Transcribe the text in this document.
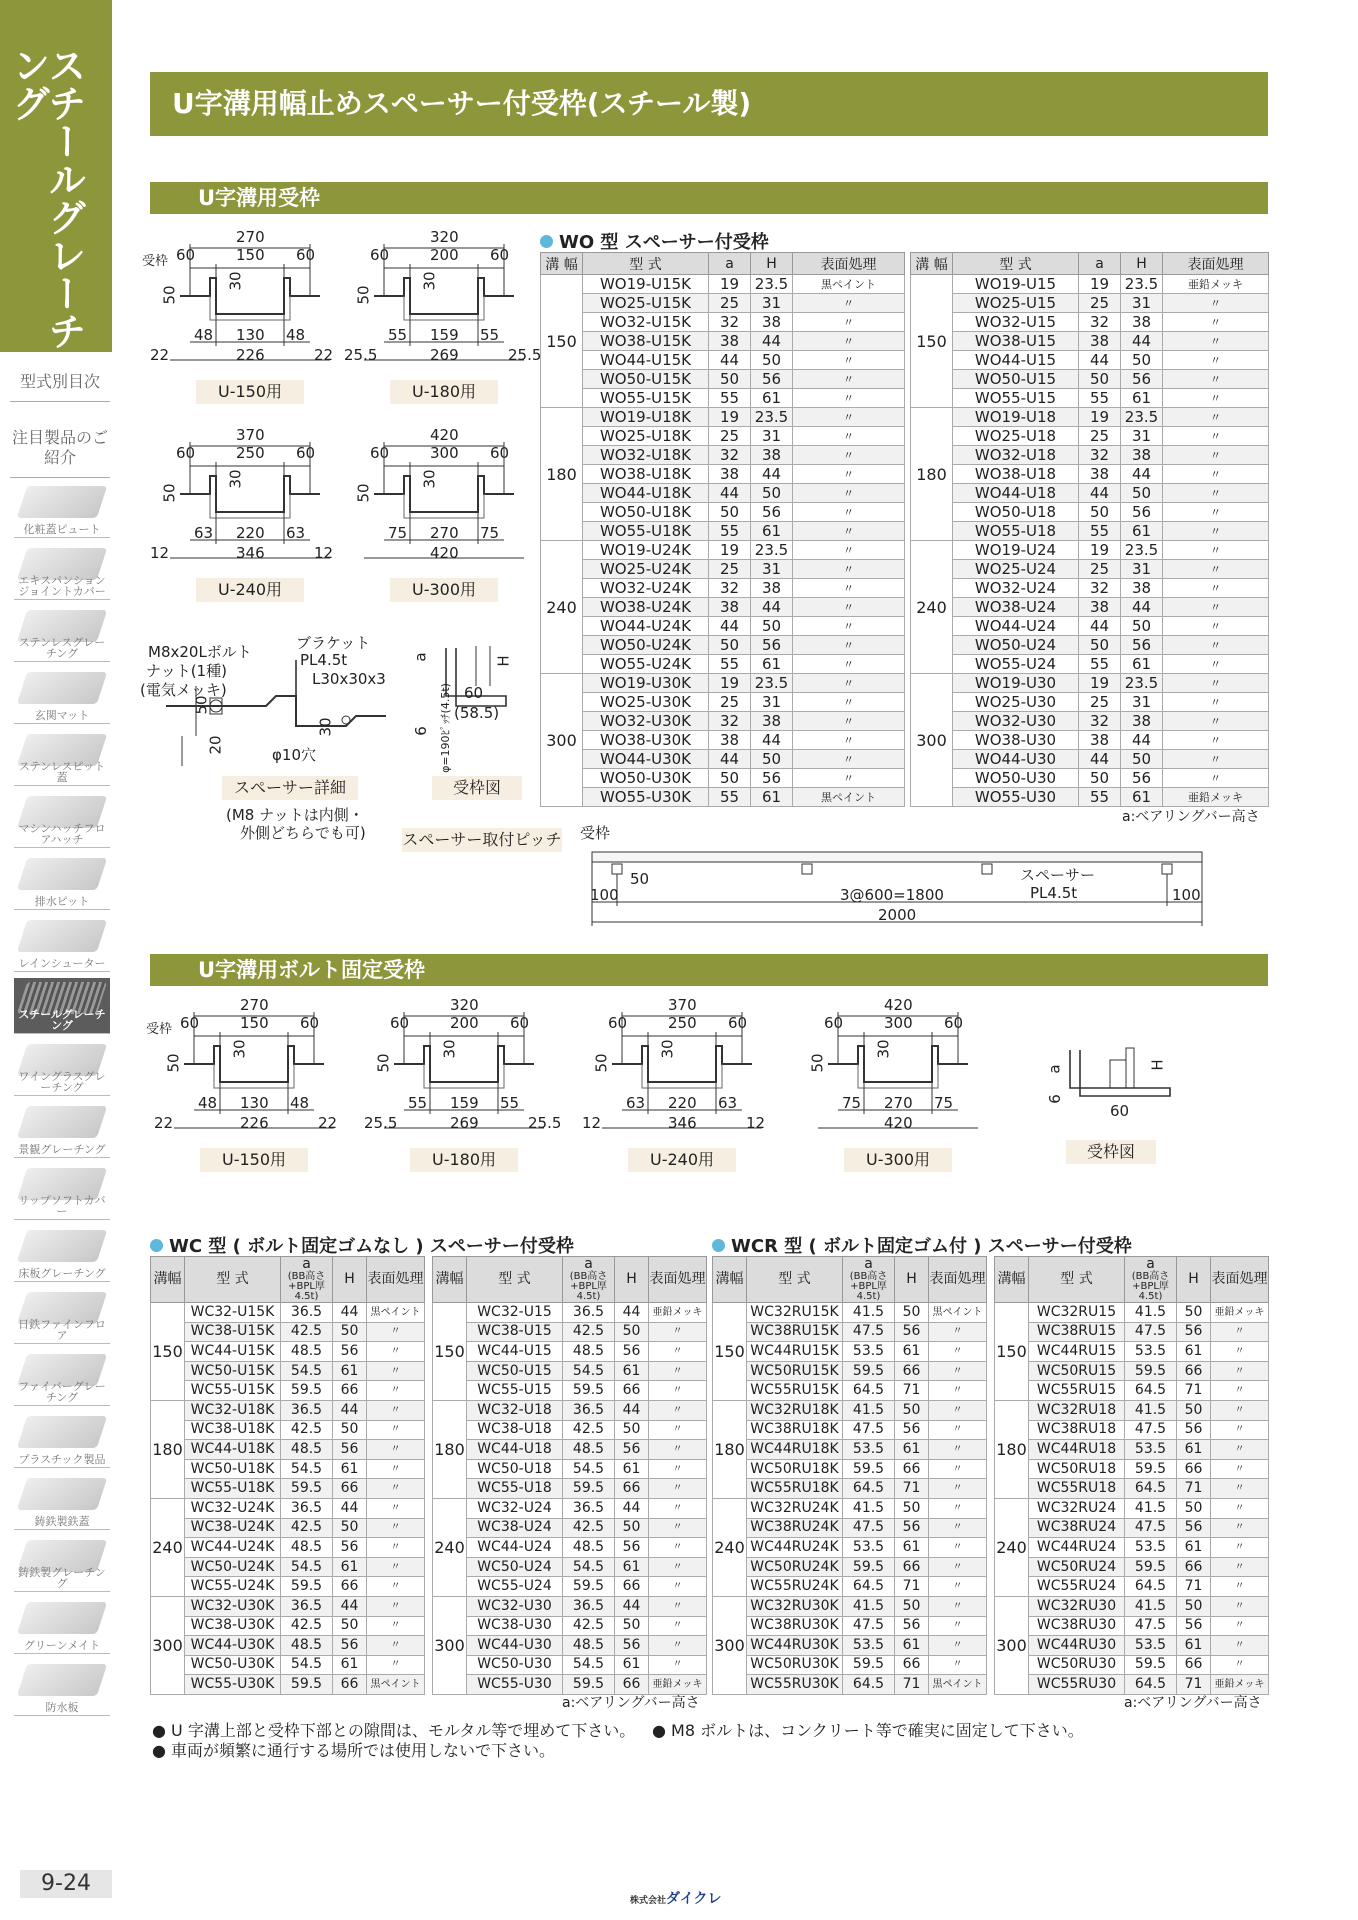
スチールグレーチング
型式別目次
注目製品のご紹介
化粧蓋ピュート
エキスパンションジョイントカバー
ステンレスグレーチング
玄関マット
ステンレスピット蓋
マシンハッチフロアハッチ
排水ピット
レインシューター
スチールグレーチング
ワイングラスグレーチング
景観グレーチング
リップソフトカバー
床板グレーチング
日鉄ファインフロア
ファイバーグレーチング
プラスチック製品
鋳鉄製鉄蓋
鋳鉄製グレーチング
グリーンメイト
防水板
9-24
U字溝用幅止めスペーサー付受枠(スチール製)
U字溝用受枠
270
60	150 60
50
30
48 130 48
22	226	22
受枠
U-150用
320
60	200 60
50
30
55 159 55
25.5	269	25.5
U-180用
370
60	250 60
50
30
63 220 63
12	346	12
U-240用
420
60	300 60
50
30
75 270 75
420
U-300用
M8x20Lボルト
ナット(1種)
(電気メッキ)
ブラケット
PL4.5t
L30x30x3
50
30
20
φ10穴
スペーサー詳細
(M8 ナットは内側・
外側どちらでも可)
a	H
60
(58.5)
6 φ=190ﾋﾟｯﾁ(4.5t)
受枠図
WO 型 スペーサー付受枠
溝 幅	型 式	a	H	表面処理
150	WO19-U15K	19	23.5	黒ペイント
	WO25-U15K	25	31	〃
	WO32-U15K	32	38	〃
	WO38-U15K	38	44	〃
	WO44-U15K	44	50	〃
	WO50-U15K	50	56	〃
	WO55-U15K	55	61	〃
180	WO19-U18K	19	23.5	〃
	WO25-U18K	25	31	〃
	WO32-U18K	32	38	〃
	WO38-U18K	38	44	〃
	WO44-U18K	44	50	〃
	WO50-U18K	50	56	〃
	WO55-U18K	55	61	〃
240	WO19-U24K	19	23.5	〃
	WO25-U24K	25	31	〃
	WO32-U24K	32	38	〃
	WO38-U24K	38	44	〃
	WO44-U24K	44	50	〃
	WO50-U24K	50	56	〃
	WO55-U24K	55	61	〃
300	WO19-U30K	19	23.5	〃
	WO25-U30K	25	31	〃
	WO32-U30K	32	38	〃
	WO38-U30K	38	44	〃
	WO44-U30K	44	50	〃
	WO50-U30K	50	56	〃
	WO55-U30K	55	61	黒ペイント
溝 幅	型 式	a	H	表面処理
150	WO19-U15	19	23.5	亜鉛メッキ
	WO25-U15	25	31	〃
	WO32-U15	32	38	〃
	WO38-U15	38	44	〃
	WO44-U15	44	50	〃
	WO50-U15	50	56	〃
	WO55-U15	55	61	〃
180	WO19-U18	19	23.5	〃
	WO25-U18	25	31	〃
	WO32-U18	32	38	〃
	WO38-U18	38	44	〃
	WO44-U18	44	50	〃
	WO50-U18	50	56	〃
	WO55-U18	55	61	〃
240	WO19-U24	19	23.5	〃
	WO25-U24	25	31	〃
	WO32-U24	32	38	〃
	WO38-U24	38	44	〃
	WO44-U24	44	50	〃
	WO50-U24	50	56	〃
	WO55-U24	55	61	〃
300	WO19-U30	19	23.5	〃
	WO25-U30	25	31	〃
	WO32-U30	32	38	〃
	WO38-U30	38	44	〃
	WO44-U30	44	50	〃
	WO50-U30	50	56	〃
	WO55-U30	55	61	亜鉛メッキ
a:ベアリングバー高さ
スペーサー取付ピッチ 受枠
50	スペーサー
PL4.5t
100	3@600=1800	100
2000
U字溝用ボルト固定受枠
270
60	150 60
50
30
48 130 48
22	226	22
受枠
U-150用
320
60	200 60
50
30
55 159 55
25.5	269	25.5
U-180用
370
60	250 60
50
30
63 220 63
12	346	12
U-240用
420
60	300 60
50
30
75 270 75
420
U-300用
a	H
6
60
受枠図
WC 型 ( ボルト固定ゴムなし ) スペーサー付受枠	WCR 型 ( ボルト固定ゴム付 ) スペーサー付受枠
溝幅	型 式	a
(BB高さ+BPL厚4.5t)	H	表面処理
150	WC32-U15K	36.5	44	黒ペイント
	WC38-U15K	42.5	50	〃
	WC44-U15K	48.5	56	〃
	WC50-U15K	54.5	61	〃
	WC55-U15K	59.5	66	〃
180	WC32-U18K	36.5	44	〃
	WC38-U18K	42.5	50	〃
	WC44-U18K	48.5	56	〃
	WC50-U18K	54.5	61	〃
	WC55-U18K	59.5	66	〃
240	WC32-U24K	36.5	44	〃
	WC38-U24K	42.5	50	〃
	WC44-U24K	48.5	56	〃
	WC50-U24K	54.5	61	〃
	WC55-U24K	59.5	66	〃
300	WC32-U30K	36.5	44	〃
	WC38-U30K	42.5	50	〃
	WC44-U30K	48.5	56	〃
	WC50-U30K	54.5	61	〃
	WC55-U30K	59.5	66	黒ペイント
溝幅	型 式	a
(BB高さ+BPL厚4.5t)	H	表面処理
150	WC32-U15	36.5	44	亜鉛メッキ
	WC38-U15	42.5	50	〃
	WC44-U15	48.5	56	〃
	WC50-U15	54.5	61	〃
	WC55-U15	59.5	66	〃
180	WC32-U18	36.5	44	〃
	WC38-U18	42.5	50	〃
	WC44-U18	48.5	56	〃
	WC50-U18	54.5	61	〃
	WC55-U18	59.5	66	〃
240	WC32-U24	36.5	44	〃
	WC38-U24	42.5	50	〃
	WC44-U24	48.5	56	〃
	WC50-U24	54.5	61	〃
	WC55-U24	59.5	66	〃
300	WC32-U30	36.5	44	〃
	WC38-U30	42.5	50	〃
	WC44-U30	48.5	56	〃
	WC50-U30	54.5	61	〃
	WC55-U30	59.5	66	亜鉛メッキ
溝幅	型 式	a
(BB高さ+BPL厚4.5t)	H	表面処理
150	WC32RU15K	41.5	50	黒ペイント
	WC38RU15K	47.5	56	〃
	WC44RU15K	53.5	61	〃
	WC50RU15K	59.5	66	〃
	WC55RU15K	64.5	71	〃
180	WC32RU18K	41.5	50	〃
	WC38RU18K	47.5	56	〃
	WC44RU18K	53.5	61	〃
	WC50RU18K	59.5	66	〃
	WC55RU18K	64.5	71	〃
240	WC32RU24K	41.5	50	〃
	WC38RU24K	47.5	56	〃
	WC44RU24K	53.5	61	〃
	WC50RU24K	59.5	66	〃
	WC55RU24K	64.5	71	〃
300	WC32RU30K	41.5	50	〃
	WC38RU30K	47.5	56	〃
	WC44RU30K	53.5	61	〃
	WC50RU30K	59.5	66	〃
	WC55RU30K	64.5	71	黒ペイント
溝幅	型 式	a
(BB高さ+BPL厚4.5t)	H	表面処理
150	WC32RU15	41.5	50	亜鉛メッキ
	WC38RU15	47.5	56	〃
	WC44RU15	53.5	61	〃
	WC50RU15	59.5	66	〃
	WC55RU15	64.5	71	〃
180	WC32RU18	41.5	50	〃
	WC38RU18	47.5	56	〃
	WC44RU18	53.5	61	〃
	WC50RU18	59.5	66	〃
	WC55RU18	64.5	71	〃
240	WC32RU24	41.5	50	〃
	WC38RU24	47.5	56	〃
	WC44RU24	53.5	61	〃
	WC50RU24	59.5	66	〃
	WC55RU24	64.5	71	〃
300	WC32RU30	41.5	50	〃
	WC38RU30	47.5	56	〃
	WC44RU30	53.5	61	〃
	WC50RU30	59.5	66	〃
	WC55RU30	64.5	71	亜鉛メッキ
a:ベアリングバー高さ	a:ベアリングバー高さ
● U 字溝上部と受枠下部との隙間は、モルタル等で埋めて下さい。 ● M8 ボルトは、コンクリート等で確実に固定して下さい。
● 車両が頻繁に通行する場所では使用しないで下さい。
株式会社ダイクレ
